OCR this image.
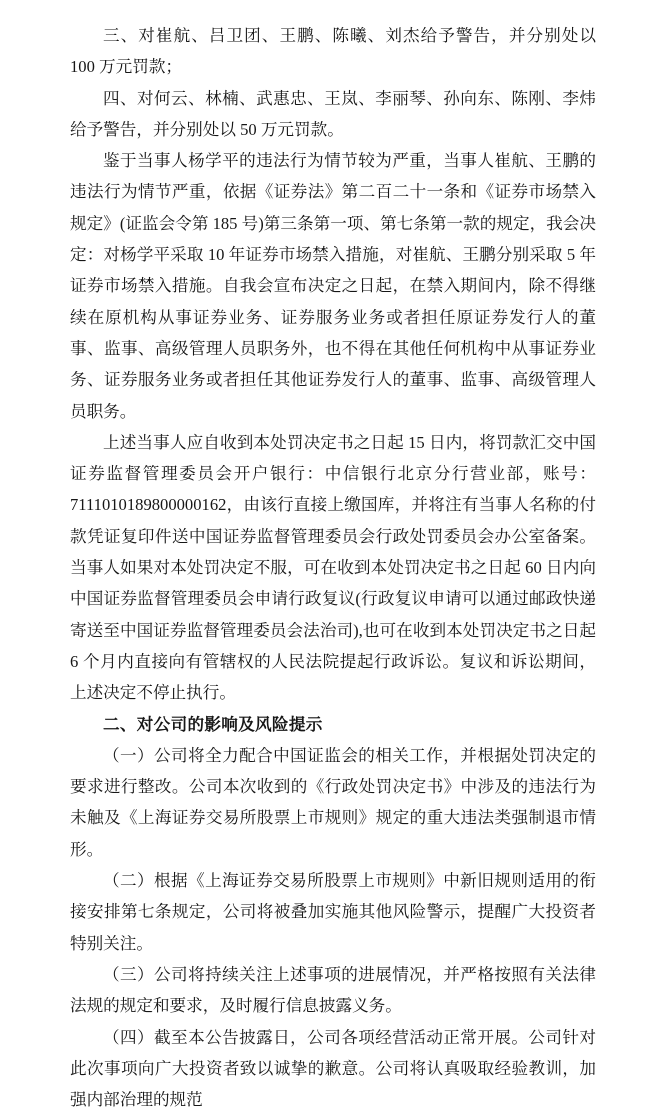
三、对崔航、吕卫团、王鹏、陈曦、刘杰给予警告，并分别处以 100 万元罚款；

四、对何云、林楠、武惠忠、王岚、李丽琴、孙向东、陈刚、李炜给予警告，并分别处以 50 万元罚款。

鉴于当事人杨学平的违法行为情节较为严重，当事人崔航、王鹏的违法行为情节严重，依据《证券法》第二百二十一条和《证券市场禁入规定》(证监会令第 185 号)第三条第一项、第七条第一款的规定，我会决定：对杨学平采取 10 年证券市场禁入措施，对崔航、王鹏分别采取 5 年证券市场禁入措施。自我会宣布决定之日起，在禁入期间内，除不得继续在原机构从事证券业务、证券服务业务或者担任原证券发行人的董事、监事、高级管理人员职务外，也不得在其他任何机构中从事证券业务、证券服务业务或者担任其他证券发行人的董事、监事、高级管理人员职务。

上述当事人应自收到本处罚决定书之日起 15 日内，将罚款汇交中国证券监督管理委员会开户银行：中信银行北京分行营业部，账号：7111010189800000162，由该行直接上缴国库，并将注有当事人名称的付款凭证复印件送中国证券监督管理委员会行政处罚委员会办公室备案。当事人如果对本处罚决定不服，可在收到本处罚决定书之日起 60 日内向中国证券监督管理委员会申请行政复议(行政复议申请可以通过邮政快递寄送至中国证券监督管理委员会法治司),也可在收到本处罚决定书之日起 6 个月内直接向有管辖权的人民法院提起行政诉讼。复议和诉讼期间，上述决定不停止执行。

二、对公司的影响及风险提示

（一）公司将全力配合中国证监会的相关工作，并根据处罚决定的要求进行整改。公司本次收到的《行政处罚决定书》中涉及的违法行为未触及《上海证券交易所股票上市规则》规定的重大违法类强制退市情形。

（二）根据《上海证券交易所股票上市规则》中新旧规则适用的衔接安排第七条规定，公司将被叠加实施其他风险警示，提醒广大投资者特别关注。

（三）公司将持续关注上述事项的进展情况，并严格按照有关法律法规的规定和要求，及时履行信息披露义务。

（四）截至本公告披露日，公司各项经营活动正常开展。公司针对此次事项向广大投资者致以诚挚的歉意。公司将认真吸取经验教训，加强内部治理的规范
